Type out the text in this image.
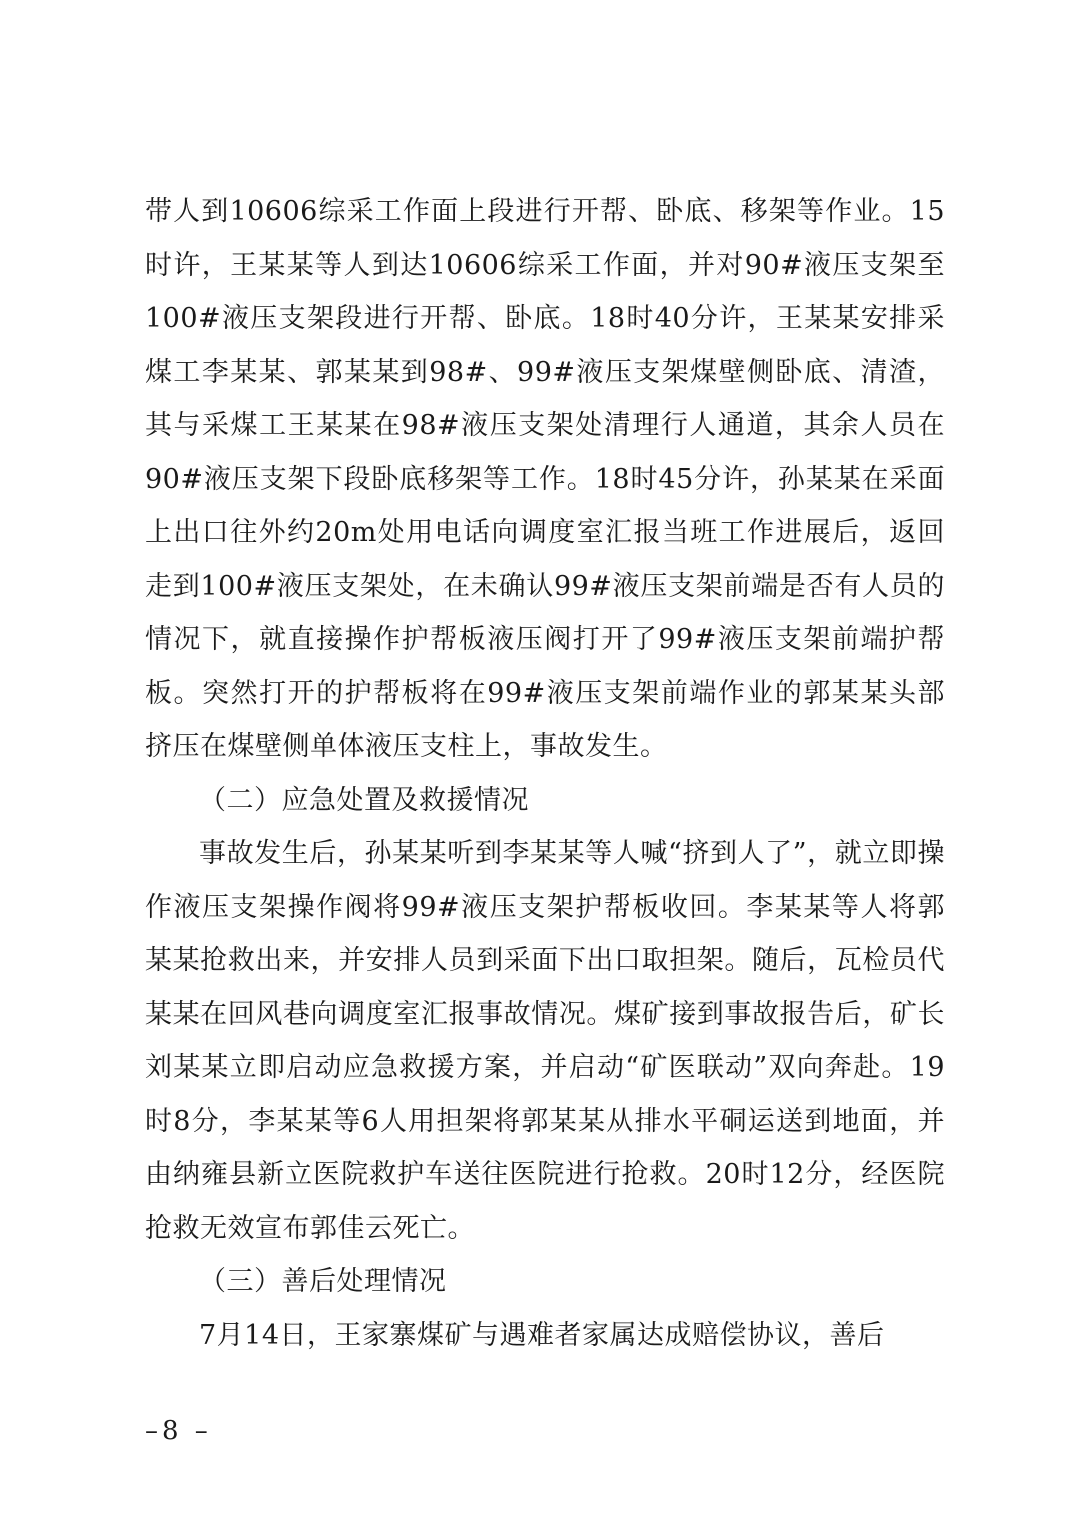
带人到10606综采工作面上段进行开帮、卧底、移架等作业。15时许，王某某等人到达10606综采工作面，并对90#液压支架至100#液压支架段进行开帮、卧底。18时40分许，王某某安排采煤工李某某、郭某某到98#、99#液压支架煤壁侧卧底、清渣，其与采煤工王某某在98#液压支架处清理行人通道，其余人员在90#液压支架下段卧底移架等工作。18时45分许，孙某某在采面上出口往外约20m处用电话向调度室汇报当班工作进展后，返回走到100#液压支架处，在未确认99#液压支架前端是否有人员的情况下，就直接操作护帮板液压阀打开了99#液压支架前端护帮板。突然打开的护帮板将在99#液压支架前端作业的郭某某头部挤压在煤壁侧单体液压支柱上，事故发生。

（二）应急处置及救援情况

事故发生后，孙某某听到李某某等人喊“挤到人了”，就立即操作液压支架操作阀将99#液压支架护帮板收回。李某某等人将郭某某抢救出来，并安排人员到采面下出口取担架。随后，瓦检员代某某在回风巷向调度室汇报事故情况。煤矿接到事故报告后，矿长刘某某立即启动应急救援方案，并启动“矿医联动”双向奔赴。19时8分，李某某等6人用担架将郭某某从排水平硐运送到地面，并由纳雍县新立医院救护车送往医院进行抢救。20时12分，经医院抢救无效宣布郭佳云死亡。

（三）善后处理情况

7月14日，王家寨煤矿与遇难者家属达成赔偿协议，善后

–8 –
